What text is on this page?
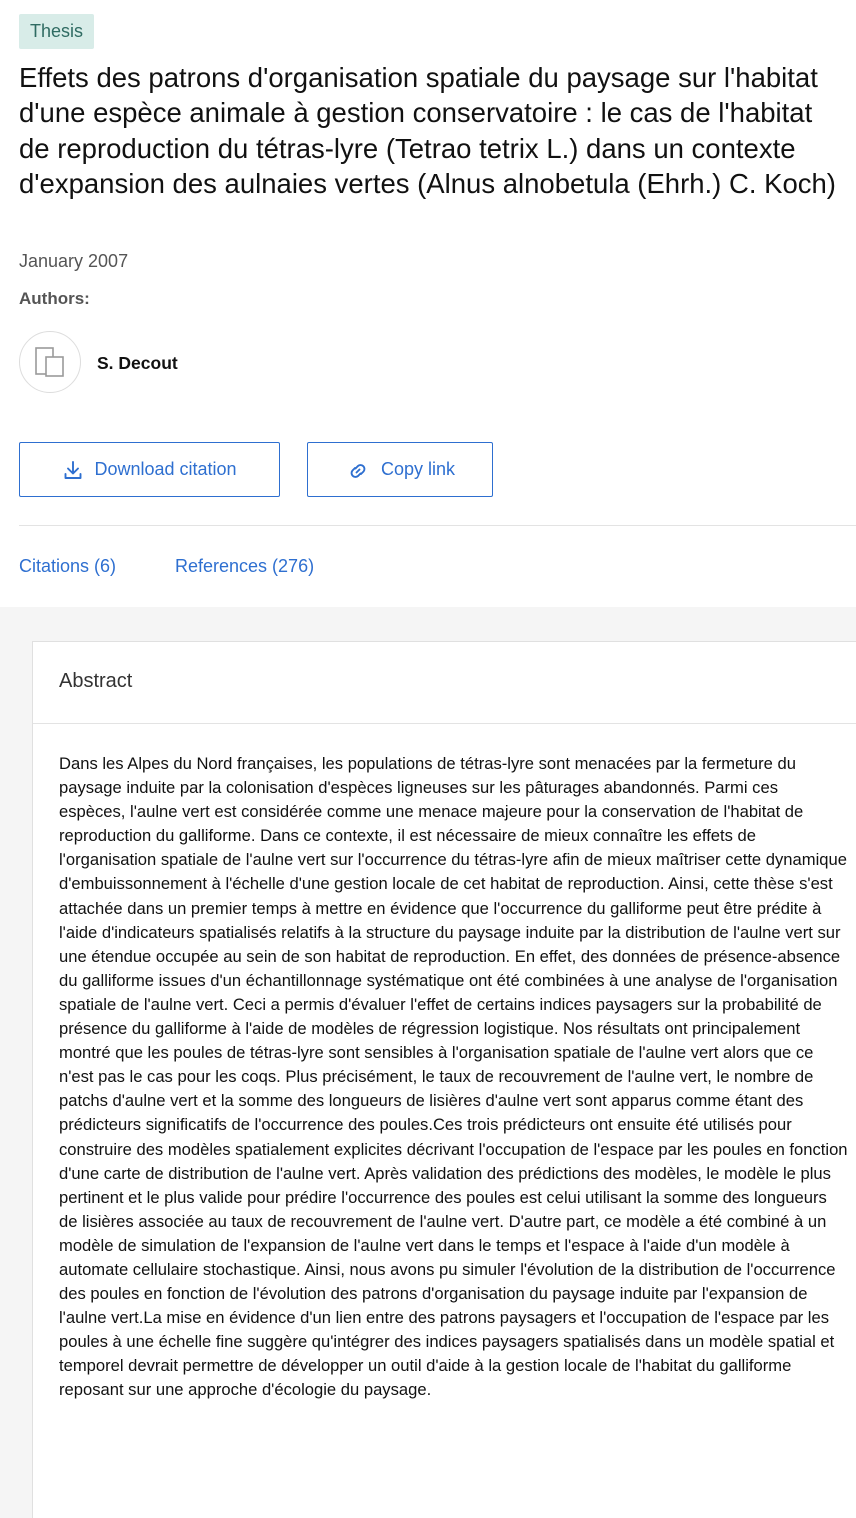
Thesis
Effets des patrons d'organisation spatiale du paysage sur l'habitat d'une espèce animale à gestion conservatoire : le cas de l'habitat de reproduction du tétras-lyre (Tetrao tetrix L.) dans un contexte d'expansion des aulnaies vertes (Alnus alnobetula (Ehrh.) C. Koch)
January 2007
Authors:
S. Decout
Download citation	Copy link
Citations (6)	References (276)
Abstract

Dans les Alpes du Nord françaises, les populations de tétras-lyre sont menacées par la fermeture du paysage induite par la colonisation d'espèces ligneuses sur les pâturages abandonnés. Parmi ces espèces, l'aulne vert est considérée comme une menace majeure pour la conservation de l'habitat de reproduction du galliforme. Dans ce contexte, il est nécessaire de mieux connaître les effets de l'organisation spatiale de l'aulne vert sur l'occurrence du tétras-lyre afin de mieux maîtriser cette dynamique d'embuissonnement à l'échelle d'une gestion locale de cet habitat de reproduction. Ainsi, cette thèse s'est attachée dans un premier temps à mettre en évidence que l'occurrence du galliforme peut être prédite à l'aide d'indicateurs spatialisés relatifs à la structure du paysage induite par la distribution de l'aulne vert sur une étendue occupée au sein de son habitat de reproduction. En effet, des données de présence-absence du galliforme issues d'un échantillonnage systématique ont été combinées à une analyse de l'organisation spatiale de l'aulne vert. Ceci a permis d'évaluer l'effet de certains indices paysagers sur la probabilité de présence du galliforme à l'aide de modèles de régression logistique. Nos résultats ont principalement montré que les poules de tétras-lyre sont sensibles à l'organisation spatiale de l'aulne vert alors que ce n'est pas le cas pour les coqs. Plus précisément, le taux de recouvrement de l'aulne vert, le nombre de patchs d'aulne vert et la somme des longueurs de lisières d'aulne vert sont apparus comme étant des prédicteurs significatifs de l'occurrence des poules.Ces trois prédicteurs ont ensuite été utilisés pour construire des modèles spatialement explicites décrivant l'occupation de l'espace par les poules en fonction d'une carte de distribution de l'aulne vert. Après validation des prédictions des modèles, le modèle le plus pertinent et le plus valide pour prédire l'occurrence des poules est celui utilisant la somme des longueurs de lisières associée au taux de recouvrement de l'aulne vert. D'autre part, ce modèle a été combiné à un modèle de simulation de l'expansion de l'aulne vert dans le temps et l'espace à l'aide d'un modèle à automate cellulaire stochastique. Ainsi, nous avons pu simuler l'évolution de la distribution de l'occurrence des poules en fonction de l'évolution des patrons d'organisation du paysage induite par l'expansion de l'aulne vert.La mise en évidence d'un lien entre des patrons paysagers et l'occupation de l'espace par les poules à une échelle fine suggère qu'intégrer des indices paysagers spatialisés dans un modèle spatial et temporel devrait permettre de développer un outil d'aide à la gestion locale de l'habitat du galliforme reposant sur une approche d'écologie du paysage.
